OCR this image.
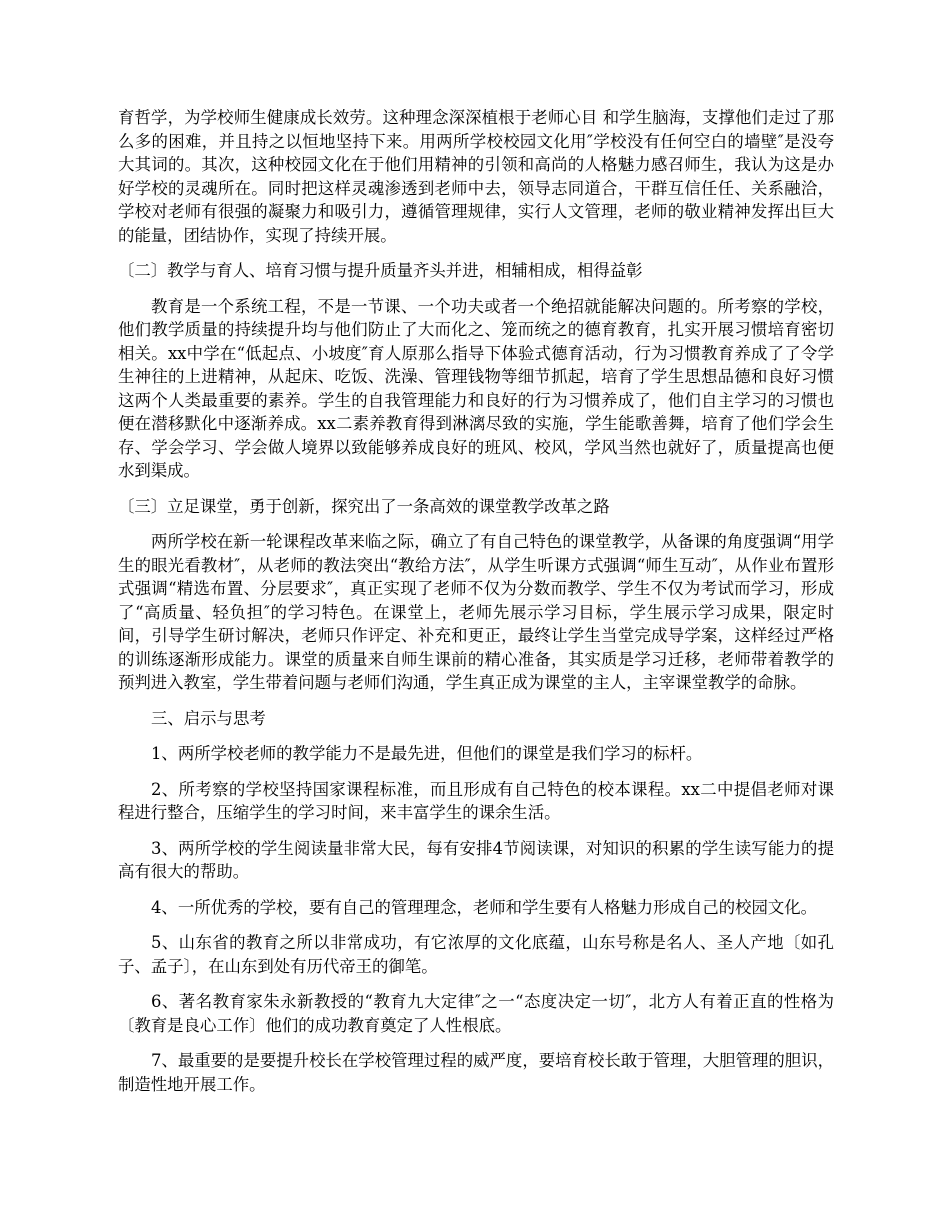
育哲学，为学校师生健康成长效劳。这种理念深深植根于老师心目 和学生脑海，支撑他们走过了那么多的困难，并且持之以恒地坚持下来。用两所学校校园文化用″学校没有任何空白的墙壁″是没夸大其词的。其次，这种校园文化在于他们用精神的引领和高尚的人格魅力感召师生，我认为这是办好学校的灵魂所在。同时把这样灵魂渗透到老师中去，领导志同道合，干群互信任任、关系融洽，学校对老师有很强的凝聚力和吸引力，遵循管理规律，实行人文管理，老师的敬业精神发挥出巨大的能量，团结协作，实现了持续开展。

〔二〕教学与育人、培育习惯与提升质量齐头并进，相辅相成，相得益彰

教育是一个系统工程，不是一节课、一个功夫或者一个绝招就能解决问题的。所考察的学校，他们教学质量的持续提升均与他们防止了大而化之、笼而统之的德育教育，扎实开展习惯培育密切相关。xx中学在“低起点、小坡度″育人原那么指导下体验式德育活动，行为习惯教育养成了了令学生神往的上进精神，从起床、吃饭、洗澡、管理钱物等细节抓起，培育了学生思想品德和良好习惯这两个人类最重要的素养。学生的自我管理能力和良好的行为习惯养成了，他们自主学习的习惯也便在潜移默化中逐渐养成。xx二素养教育得到淋漓尽致的实施，学生能歌善舞，培育了他们学会生存、学会学习、学会做人境界以致能够养成良好的班风、校风，学风当然也就好了，质量提高也便水到渠成。

〔三〕立足课堂，勇于创新，探究出了一条高效的课堂教学改革之路

两所学校在新一轮课程改革来临之际，确立了有自己特色的课堂教学，从备课的角度强调“用学生的眼光看教材″，从老师的教法突出“教给方法″，从学生听课方式强调“师生互动″，从作业布置形式强调“精选布置、分层要求″，真正实现了老师不仅为分数而教学、学生不仅为考试而学习，形成了“高质量、轻负担″的学习特色。在课堂上，老师先展示学习目标，学生展示学习成果，限定时间，引导学生研讨解决，老师只作评定、补充和更正，最终让学生当堂完成导学案，这样经过严格的训练逐渐形成能力。课堂的质量来自师生课前的精心准备，其实质是学习迁移，老师带着教学的预判进入教室，学生带着问题与老师们沟通，学生真正成为课堂的主人，主宰课堂教学的命脉。

三、启示与思考

1、两所学校老师的教学能力不是最先进，但他们的课堂是我们学习的标杆。

2、所考察的学校坚持国家课程标准，而且形成有自己特色的校本课程。xx二中提倡老师对课程进行整合，压缩学生的学习时间，来丰富学生的课余生活。

3、两所学校的学生阅读量非常大民，每有安排4节阅读课，对知识的积累的学生读写能力的提高有很大的帮助。

4、一所优秀的学校，要有自己的管理理念，老师和学生要有人格魅力形成自己的校园文化。

5、山东省的教育之所以非常成功，有它浓厚的文化底蕴，山东号称是名人、圣人产地〔如孔子、孟子〕，在山东到处有历代帝王的御笔。

6、著名教育家朱永新教授的“教育九大定律″之一“态度决定一切″，北方人有着正直的性格为〔教育是良心工作〕他们的成功教育奠定了人性根底。

7、最重要的是要提升校长在学校管理过程的威严度，要培育校长敢于管理，大胆管理的胆识，制造性地开展工作。
